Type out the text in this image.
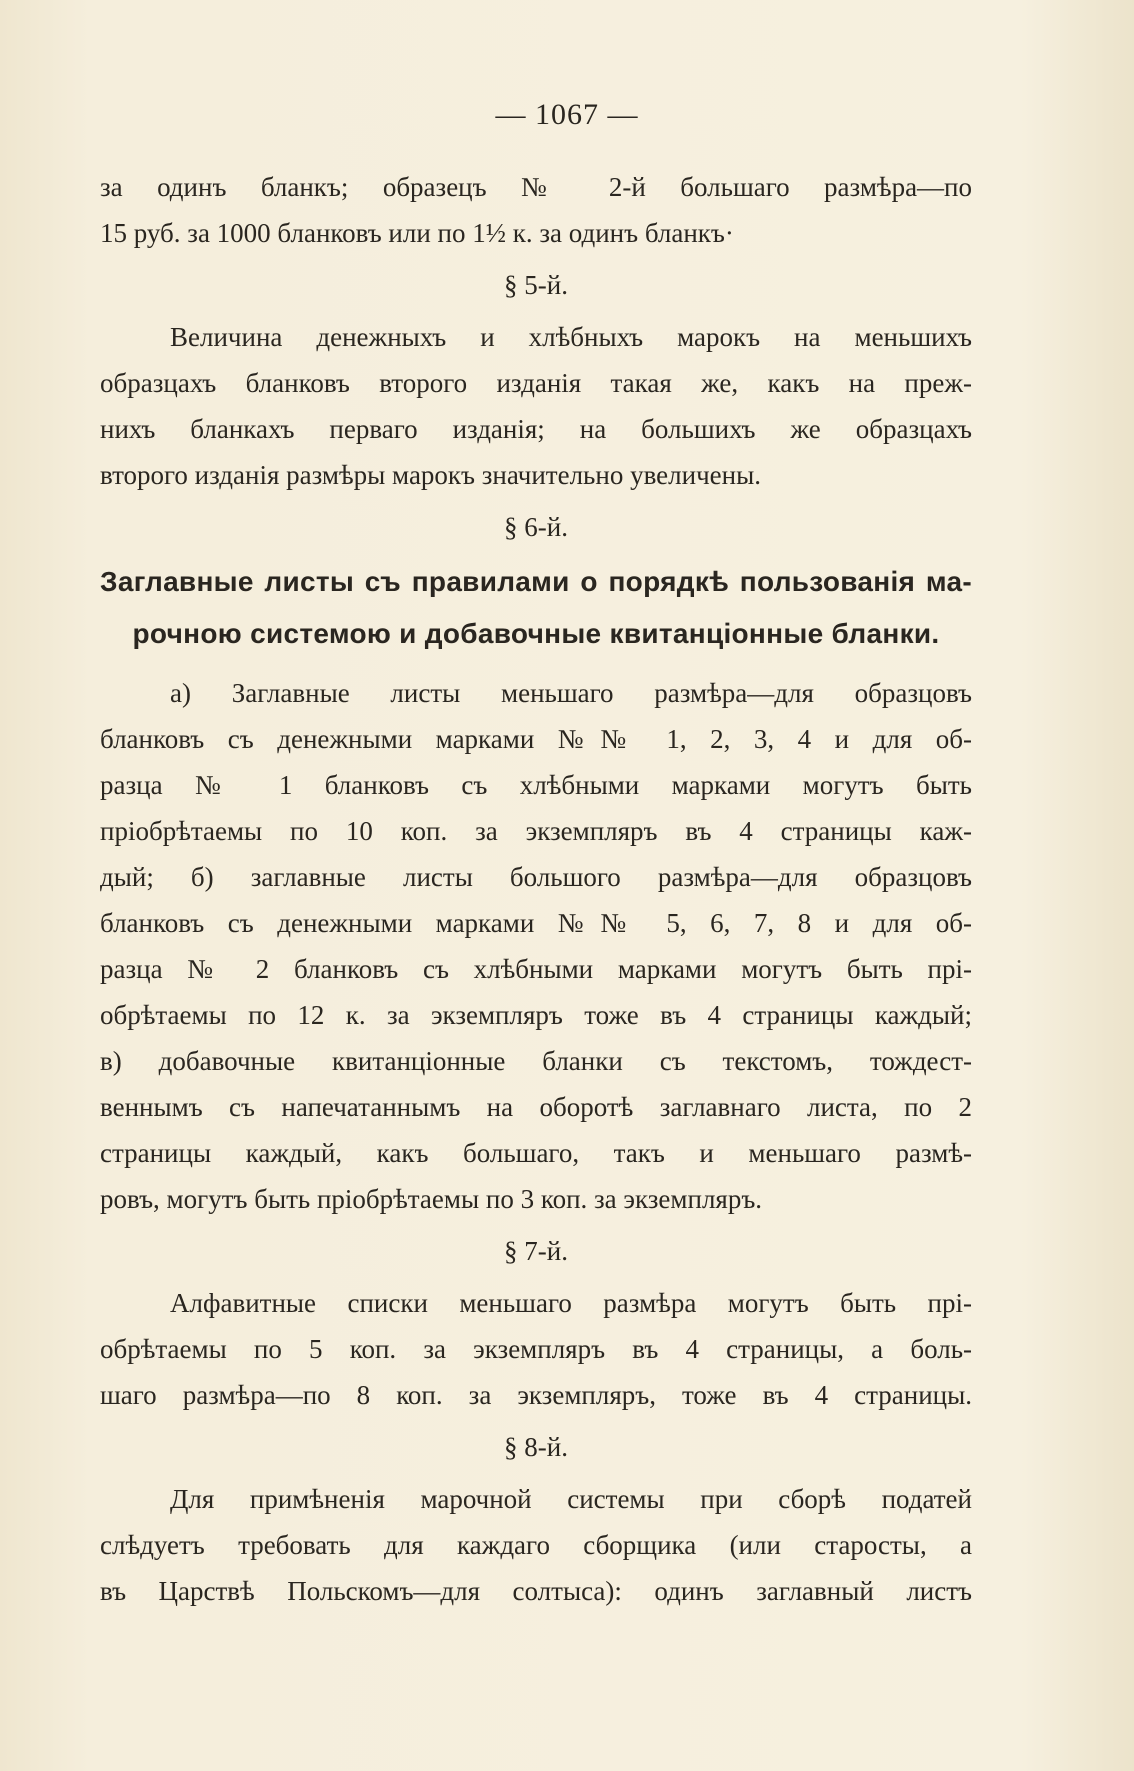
— 1067 —
за одинъ бланкъ; образецъ № 2-й большаго размѣра—по
15 руб. за 1000 бланковъ или по 1½ к. за одинъ бланкъ·
§ 5-й.
Величина денежныхъ и хлѣбныхъ марокъ на меньшихъ
образцахъ бланковъ второго изданія такая же, какъ на преж-
нихъ бланкахъ перваго изданія; на большихъ же образцахъ
второго изданія размѣры марокъ значительно увеличены.
§ 6-й.
Заглавные листы съ правилами о порядкѣ пользованія ма-
рочною системою и добавочные квитанціонные бланки.
а) Заглавные листы меньшаго размѣра—для образцовъ
бланковъ съ денежными марками №№ 1, 2, 3, 4 и для об-
разца № 1 бланковъ съ хлѣбными марками могутъ быть
пріобрѣтаемы по 10 коп. за экземпляръ въ 4 страницы каж-
дый; б) заглавные листы большого размѣра—для образцовъ
бланковъ съ денежными марками №№ 5, 6, 7, 8 и для об-
разца № 2 бланковъ съ хлѣбными марками могутъ быть прі-
обрѣтаемы по 12 к. за экземпляръ тоже въ 4 страницы каждый;
в) добавочные квитанціонные бланки съ текстомъ, тождест-
веннымъ съ напечатаннымъ на оборотѣ заглавнаго листа, по 2
страницы каждый, какъ большаго, такъ и меньшаго размѣ-
ровъ, могутъ быть пріобрѣтаемы по 3 коп. за экземпляръ.
§ 7-й.
Алфавитные списки меньшаго размѣра могутъ быть прі-
обрѣтаемы по 5 коп. за экземпляръ въ 4 страницы, а боль-
шаго размѣра—по 8 коп. за экземпляръ, тоже въ 4 страницы.
§ 8-й.
Для примѣненія марочной системы при сборѣ податей
слѣдуетъ требовать для каждаго сборщика (или старосты, а
въ Царствѣ Польскомъ—для солтыса): одинъ заглавный листъ
